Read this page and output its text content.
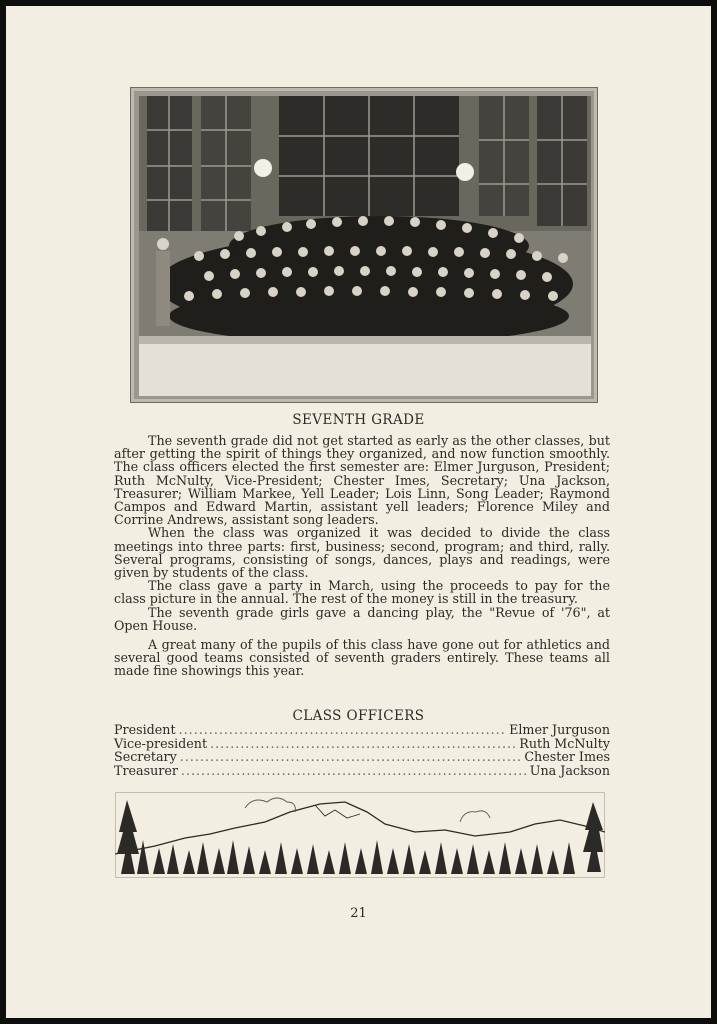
SEVENTH GRADE

The seventh grade did not get started as early as the other classes, but after getting the spirit of things they organized, and now function smoothly. The class officers elected the first semester are: Elmer Jurguson, President; Ruth McNulty, Vice-President; Chester Imes, Secretary; Una Jackson, Treasurer; William Markee, Yell Leader; Lois Linn, Song Leader; Raymond Campos and Edward Martin, assistant yell leaders; Florence Miley and Corrine Andrews, assistant song leaders.

When the class was organized it was decided to divide the class meetings into three parts: first, business; second, program; and third, rally. Several programs, consisting of songs, dances, plays and readings, were given by students of the class.

The class gave a party in March, using the proceeds to pay for the class picture in the annual. The rest of the money is still in the treasury.

The seventh grade girls gave a dancing play, the "Revue of '76", at Open House.

A great many of the pupils of this class have gone out for athletics and several good teams consisted of seventh graders entirely. These teams all made fine showings this year.

CLASS OFFICERS
President .....	Elmer Jurguson
Vice-president .....	Ruth McNulty
Secretary .....	Chester Imes
Treasurer .....	Una Jackson
21
